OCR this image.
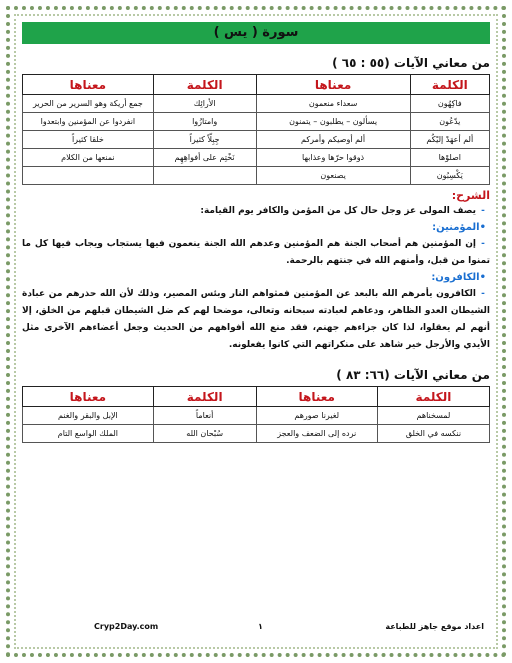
سورة ( يس )
من معاني الآيات (٥٥ : ٦٥ )
الكلمة	معناها	الكلمة	معناها
فاكِهُون	سعداء منعمون	الأرائِك	جمع أريكة وهو السرير من الحرير
يدّعُون	يسألون – يطلبون – يتمنون	وامتازُوا	انفردوا عن المؤمنين وابتعدوا
ألم أعهَدْ إليْكُم	ألم أوصيكم وأمركم	جِبِلّاً كثيراً	خلقا كثيراً
اصلوْها	ذوقوا حرّها وعذابها	نَخْتِم على أفواهِهِم	نمنعها من الكلام
يَكْسِبُون	يصنعون		
الشرح:
-يصف المولى عز وجل حال كل من المؤمن والكافر يوم القيامة:
•المؤمنين:
-إن المؤمنين هم أصحاب الجنة هم المؤمنين وعدهم الله الجنة ينعمون فيها يستجاب ويجاب فيها كل ما تمنوا من قبل، وأمنهم الله في جنتهم بالرحمة.
•الكافرون:
-الكافرون يأمرهم الله بالبعد عن المؤمنين فمثواهم النار وبئس المصير، وذلك لأن الله حذرهم من عبادة الشيطان العدو الظاهر، ودعاهم لعبادته سبحانه وتعالى، موضحا لهم كم ضل الشيطان قبلهم من الخلق، إلا أنهم لم يعقلوا، لذا كان جزاءهم جهنم، فقد منع الله أفواههم من الحديث وجعل أعضاءهم الآخرى مثل الأيدي والأرجل خير شاهد على منكراتهم التي كانوا يفعلونه.
من معاني الآيات (٦٦: ٨٣ )
الكلمة	معناها	الكلمة	معناها
لمسخناهم	لغيرنا صورهم	أنعاماً	الإبل والبقر والغنم
ننكسه في الخلق	نرده إلى الضعف والعجز	سُبْحان الله	الملك الواسع التام
Cryp2Day.com	١	اعداد موقع جاهز للطباعة
